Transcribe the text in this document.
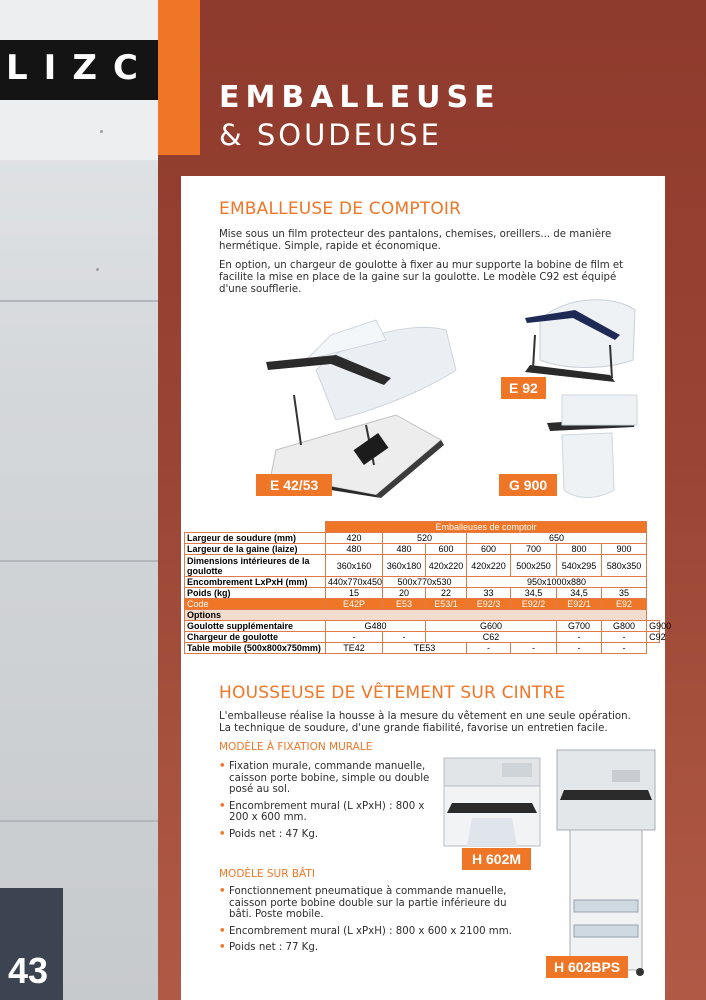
LIZC
EMBALLEUSE
& SOUDEUSE
EMBALLEUSE DE COMPTOIR
Mise sous un film protecteur des pantalons, chemises, oreillers... de manière hermétique. Simple, rapide et économique.
En option, un chargeur de goulotte à fixer au mur supporte la bobine de film et facilite la mise en place de la gaine sur la goulotte. Le modèle C92 est équipé d'une soufflerie.
E 92
E 42/53	G 900
	Emballeuses de comptoir							
Largeur de soudure (mm)	420	520		650				
Largeur de la gaine (laize)	480	480	600	600	700	800	900	
Dimensions intérieures de la goulotte	360x160	360x180	420x220	420x220	500x250	540x295	580x350	
Encombrement LxPxH (mm)	440x770x450	500x770x530		950x1000x880				
Poids (kg)	15	20	22	33	34,5	34,5	35	
Code	E42P	E53	E53/1	E92/3	E92/2	E92/1	E92	
Options								
Goulotte supplémentaire	G480		G600			G700	G800	G900
Chargeur de goulotte	-	-	C62			-	-	C92
Table mobile (500x800x750mm)	TE42	TE53		-	-	-	-	
HOUSSEUSE DE VÊTEMENT SUR CINTRE
L'emballeuse réalise la housse à la mesure du vêtement en une seule opération. La technique de soudure, d'une grande fiabilité, favorise un entretien facile.
MODÈLE À FIXATION MURALE
• Fixation murale, commande manuelle, caisson porte bobine, simple ou double posé au sol.
• Encombrement mural (L xPxH) : 800 x 200 x 600 mm.
• Poids net : 47 Kg.
MODÈLE SUR BÂTI
• Fonctionnement pneumatique à commande manuelle, caisson porte bobine double sur la partie inférieure du bâti. Poste mobile.
• Encombrement mural (L xPxH) : 800 x 600 x 2100 mm.
• Poids net : 77 Kg.
H 602M
H 602BPS
43
